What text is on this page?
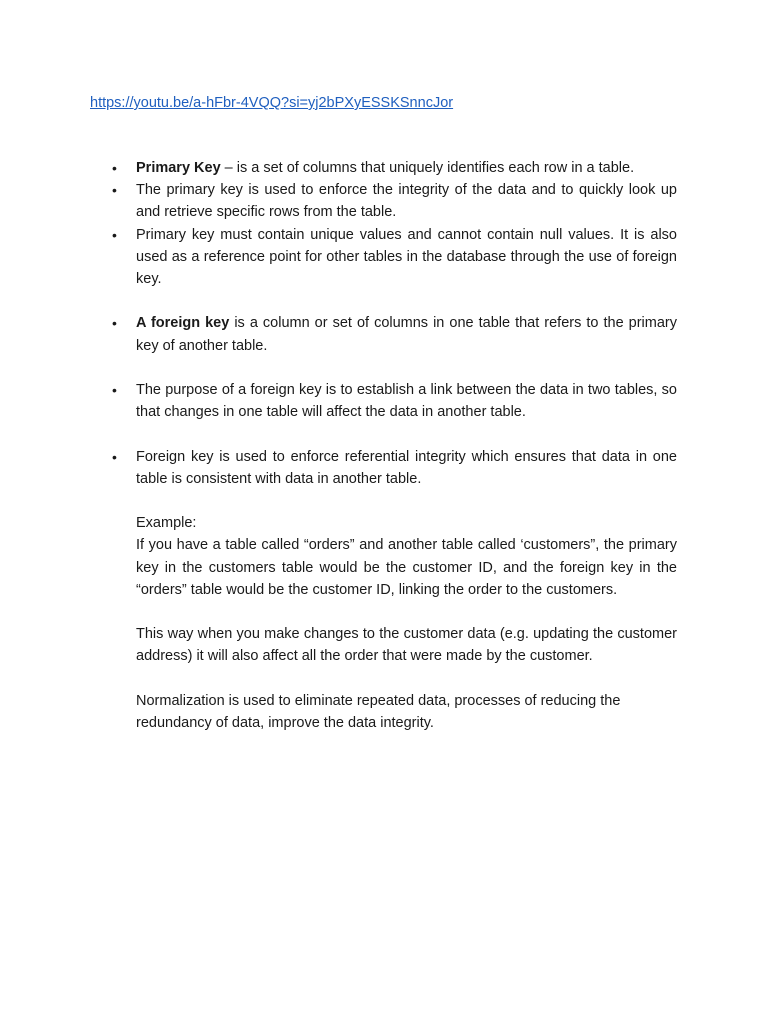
https://youtu.be/a-hFbr-4VQQ?si=yj2bPXyESSKSnncJor
• Primary Key – is a set of columns that uniquely identifies each row in a table.
• The primary key is used to enforce the integrity of the data and to quickly look up and retrieve specific rows from the table.
• Primary key must contain unique values and cannot contain null values. It is also used as a reference point for other tables in the database through the use of foreign key.
• A foreign key is a column or set of columns in one table that refers to the primary key of another table.
• The purpose of a foreign key is to establish a link between the data in two tables, so that changes in one table will affect the data in another table.
• Foreign key is used to enforce referential integrity which ensures that data in one table is consistent with data in another table.
Example:
If you have a table called “orders” and another table called ‘customers”, the primary key in the customers table would be the customer ID, and the foreign key in the “orders” table would be the customer ID, linking the order to the customers.
This way when you make changes to the customer data (e.g. updating the customer address) it will also affect all the order that were made by the customer.
Normalization is used to eliminate repeated data, processes of reducing the redundancy of data, improve the data integrity.
